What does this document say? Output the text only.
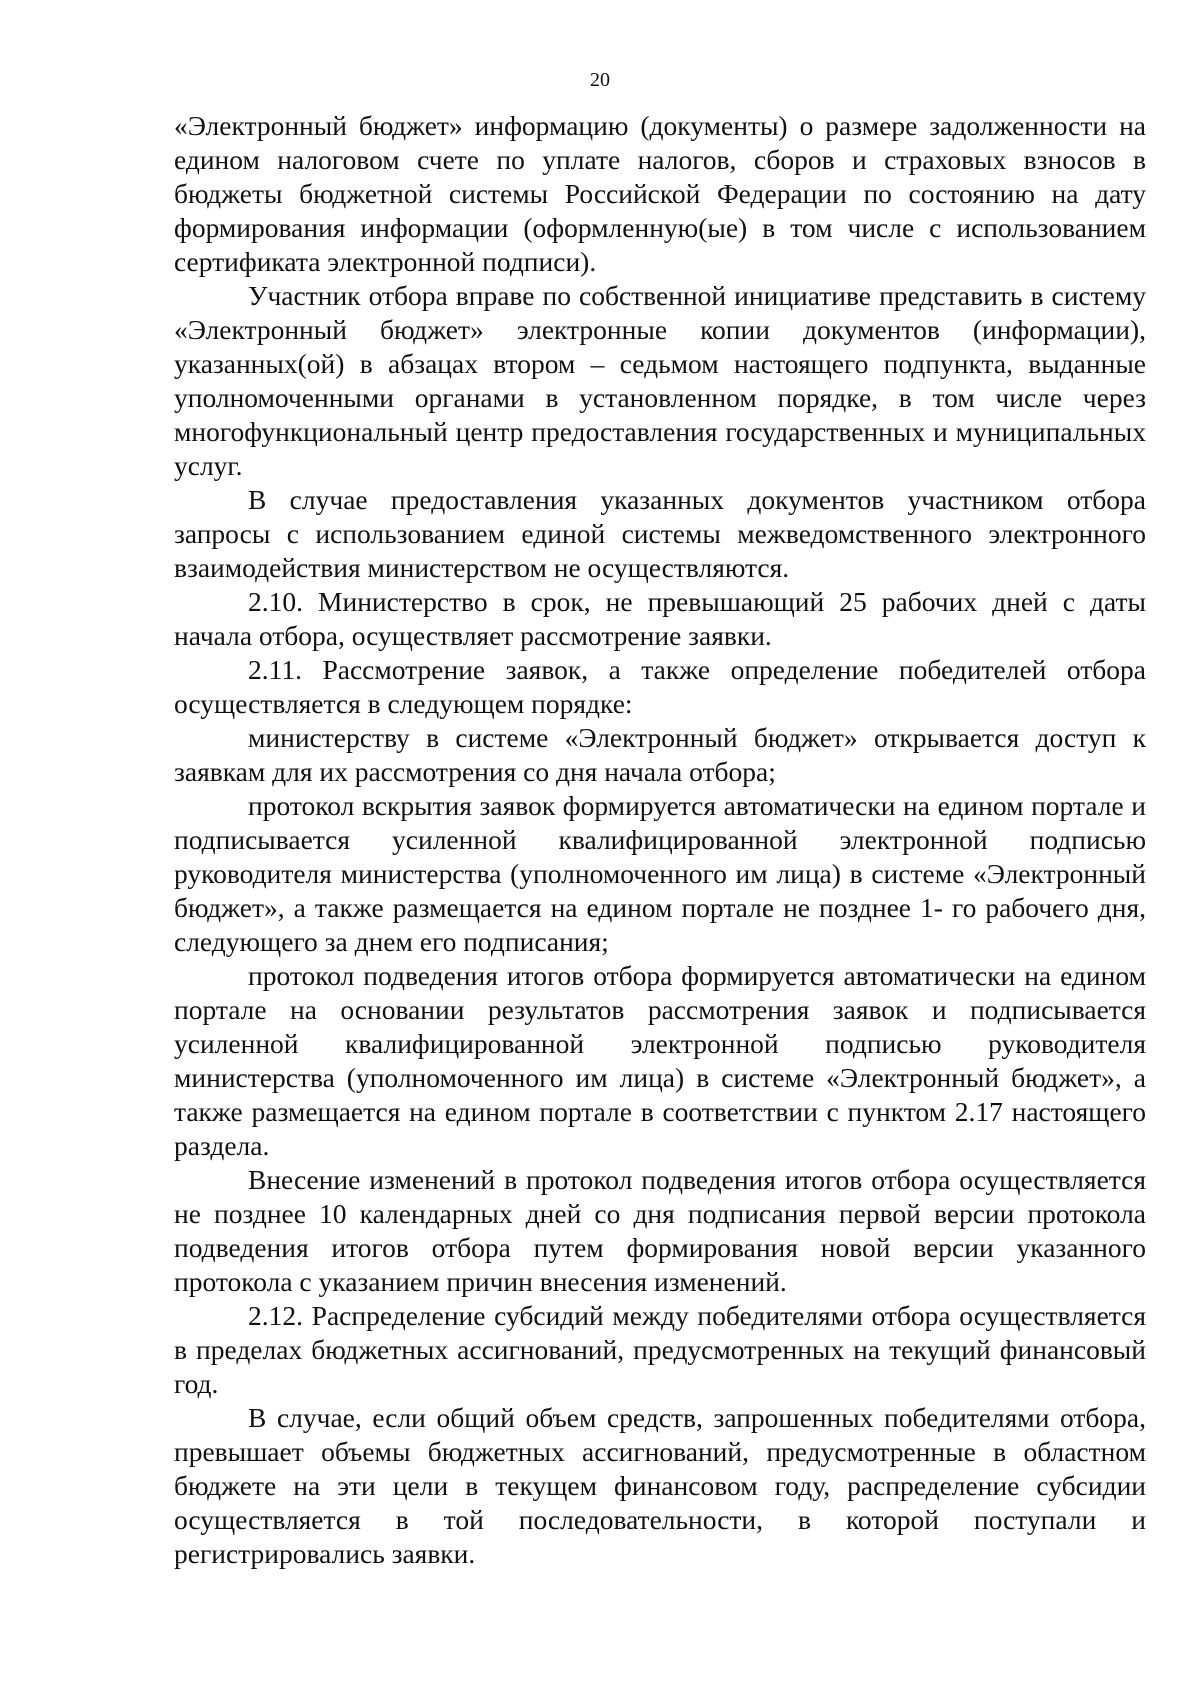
20

«Электронный бюджет» информацию (документы) о размере задолженности на едином налоговом счете по уплате налогов, сборов и страховых взносов в бюджеты бюджетной системы Российской Федерации по состоянию на дату формирования информации (оформленную(ые) в том числе с использованием сертификата электронной подписи).

Участник отбора вправе по собственной инициативе представить в систему «Электронный бюджет» электронные копии документов (информации), указанных(ой) в абзацах втором – седьмом настоящего подпункта, выданные уполномоченными органами в установленном порядке, в том числе через многофункциональный центр предоставления государственных и муниципальных услуг.

В случае предоставления указанных документов участником отбора запросы с использованием единой системы межведомственного электронного взаимодействия министерством не осуществляются.

2.10. Министерство в срок, не превышающий 25 рабочих дней с даты начала отбора, осуществляет рассмотрение заявки.

2.11. Рассмотрение заявок, а также определение победителей отбора осуществляется в следующем порядке:

министерству в системе «Электронный бюджет» открывается доступ к заявкам для их рассмотрения со дня начала отбора;

протокол вскрытия заявок формируется автоматически на едином портале и подписывается усиленной квалифицированной электронной подписью руководителя министерства (уполномоченного им лица) в системе «Электронный бюджет», а также размещается на едином портале не позднее 1- го рабочего дня, следующего за днем его подписания;

протокол подведения итогов отбора формируется автоматически на едином портале на основании результатов рассмотрения заявок и подписывается усиленной квалифицированной электронной подписью руководителя министерства (уполномоченного им лица) в системе «Электронный бюджет», а также размещается на едином портале в соответствии с пунктом 2.17 настоящего раздела.

Внесение изменений в протокол подведения итогов отбора осуществляется не позднее 10 календарных дней со дня подписания первой версии протокола подведения итогов отбора путем формирования новой версии указанного протокола с указанием причин внесения изменений.

2.12. Распределение субсидий между победителями отбора осуществляется в пределах бюджетных ассигнований, предусмотренных на текущий финансовый год.

В случае, если общий объем средств, запрошенных победителями отбора, превышает объемы бюджетных ассигнований, предусмотренные в областном бюджете на эти цели в текущем финансовом году, распределение субсидии осуществляется в той последовательности, в которой поступали и регистрировались заявки.
